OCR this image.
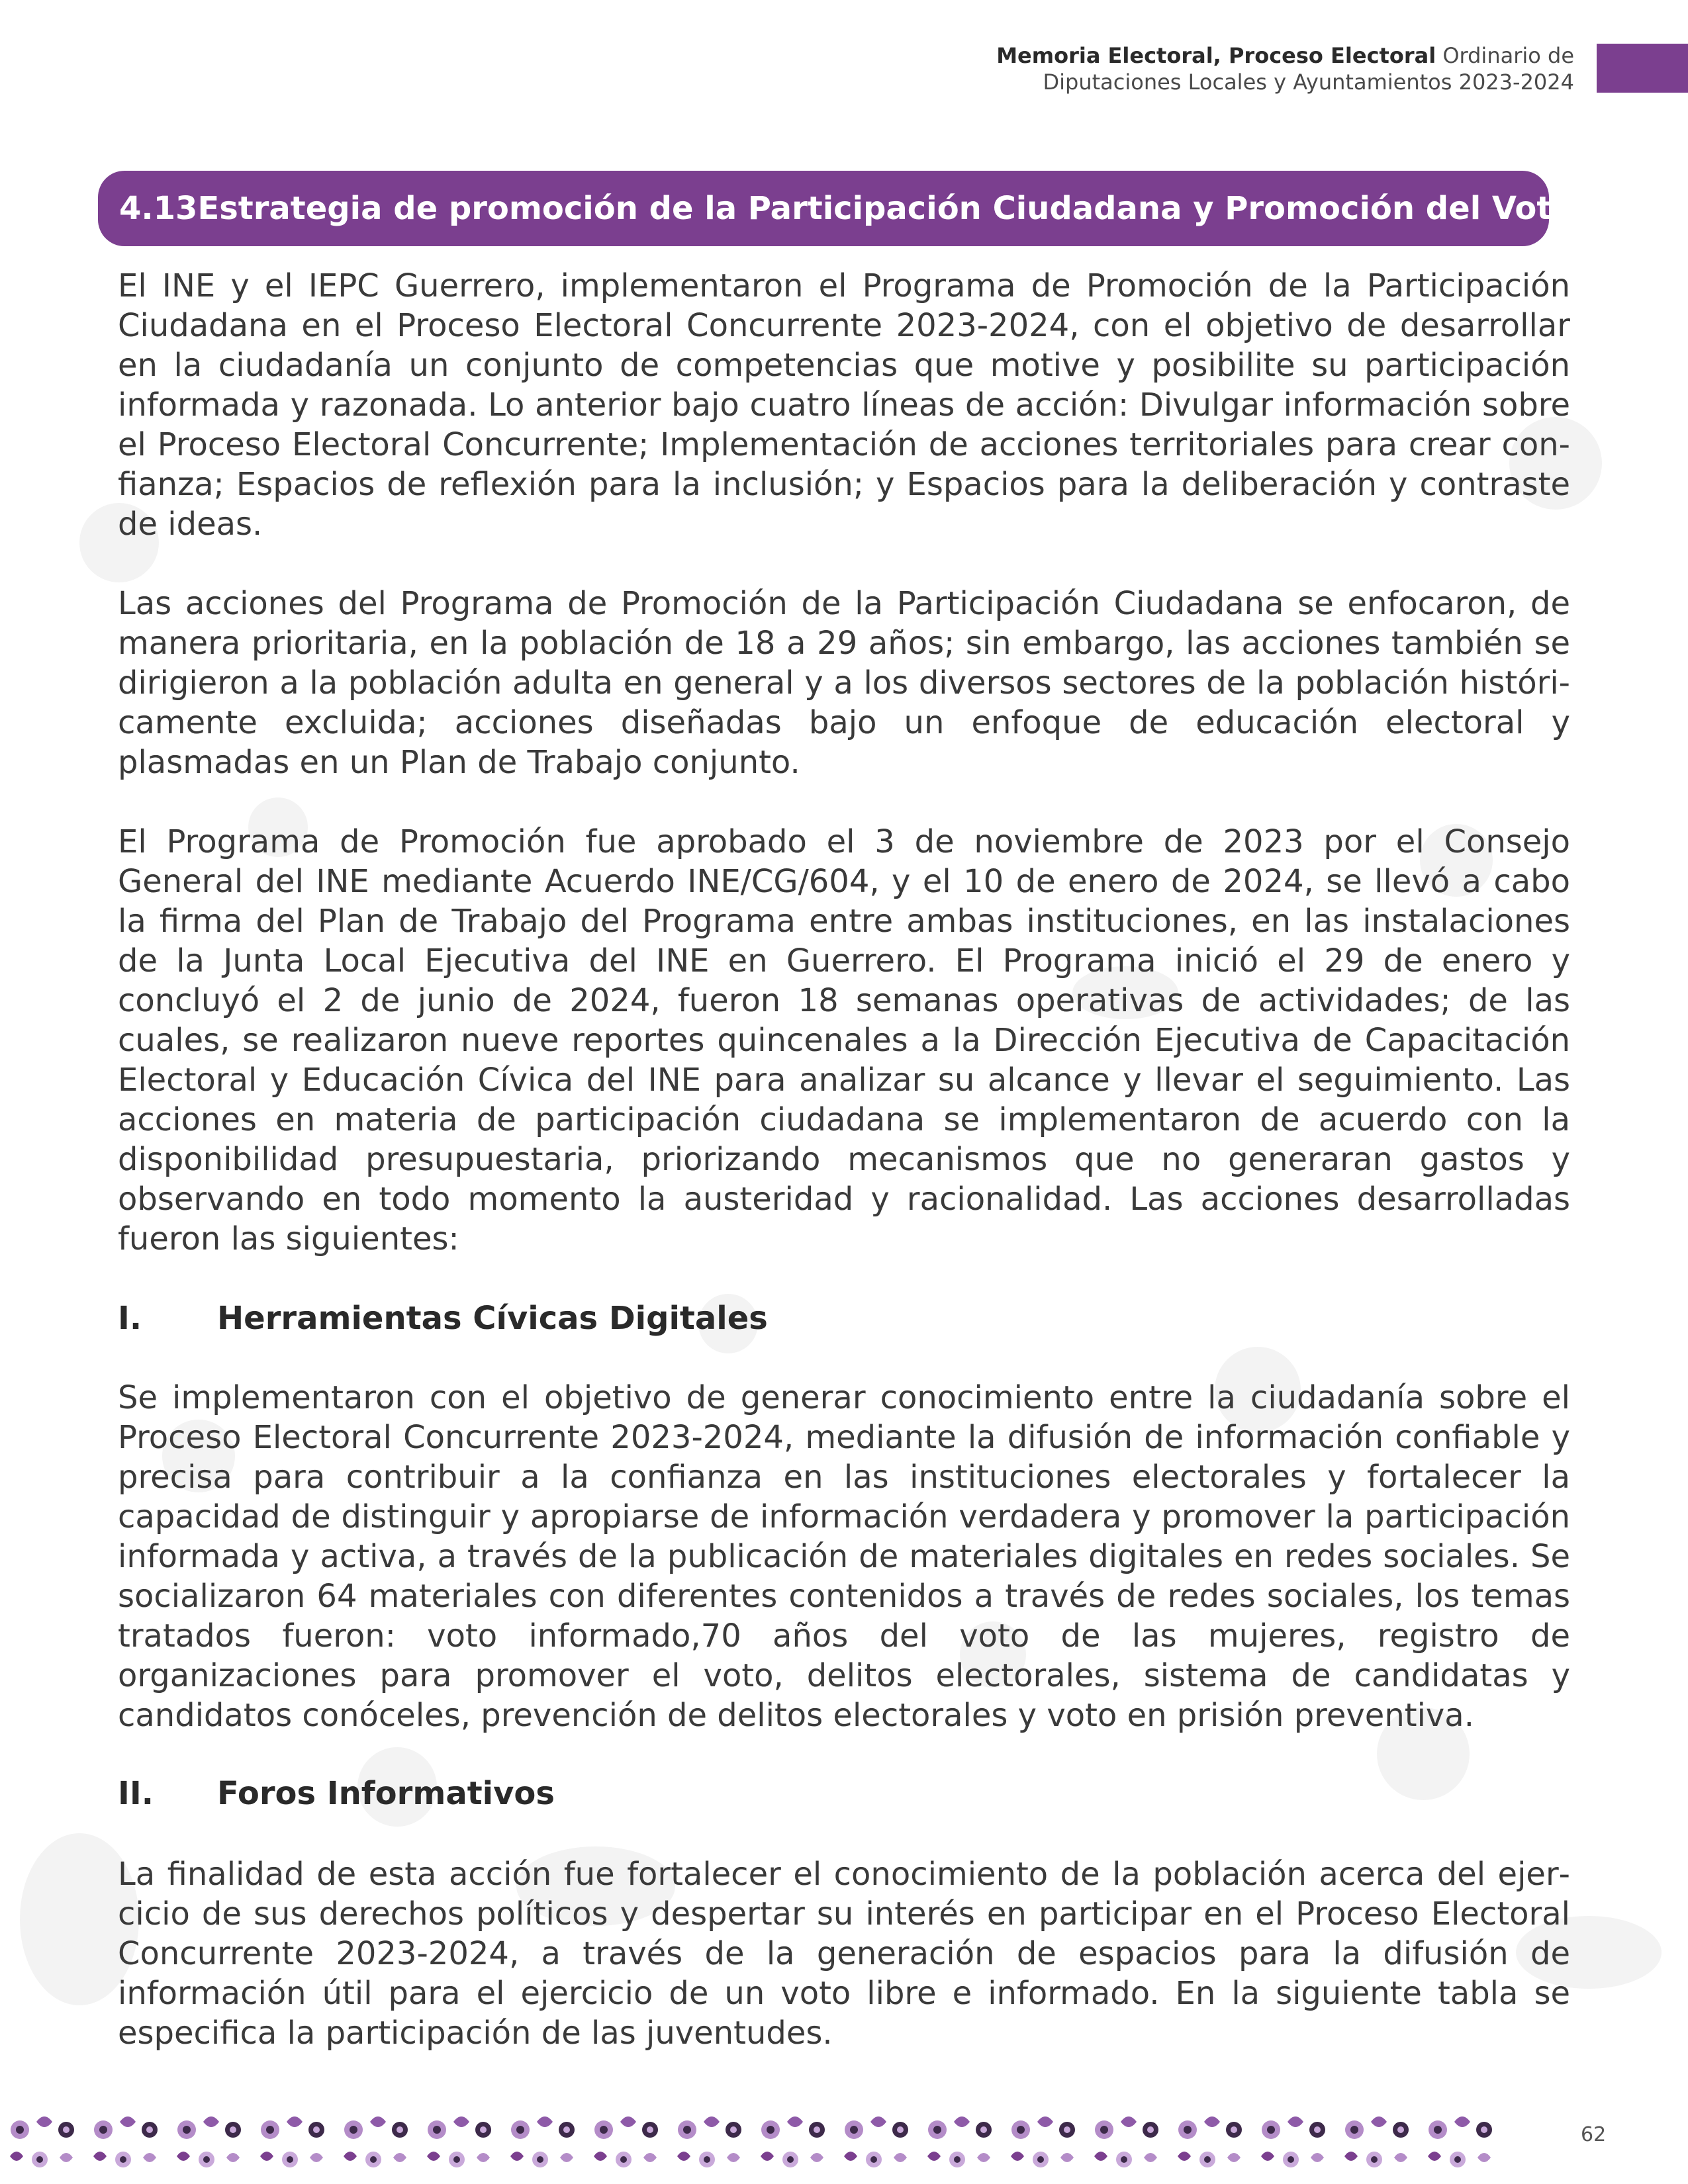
Memoria Electoral, Proceso Electoral Ordinario de
Diputaciones Locales y Ayuntamientos 2023-2024
4.13 Estrategia de promoción de la Participación Ciudadana y Promoción del Voto

El INE y el IEPC Guerrero, implementaron el Programa de Promoción de la Participación Ciudadana en el Proceso Electoral Concurrente 2023-2024, con el objetivo de desarrollar en la ciudadanía un conjunto de competencias que motive y posibilite su participación informada y razonada. Lo anterior bajo cuatro líneas de acción: Divulgar información sobre el Proceso Electoral Concurrente; Implementación de acciones territoriales para crear confianza; Espacios de reflexión para la inclusión; y Espacios para la deliberación y contraste de ideas.

Las acciones del Programa de Promoción de la Participación Ciudadana se enfocaron, de manera prioritaria, en la población de 18 a 29 años; sin embargo, las acciones también se dirigieron a la población adulta en general y a los diversos sectores de la población históricamente excluida; acciones diseñadas bajo un enfoque de educación electoral y plasmadas en un Plan de Trabajo conjunto.

El Programa de Promoción fue aprobado el 3 de noviembre de 2023 por el Consejo General del INE mediante Acuerdo INE/CG/604, y el 10 de enero de 2024, se llevó a cabo la firma del Plan de Trabajo del Programa entre ambas instituciones, en las instalaciones de la Junta Local Ejecutiva del INE en Guerrero. El Programa inició el 29 de enero y concluyó el 2 de junio de 2024, fueron 18 semanas operativas de actividades; de las cuales, se realizaron nueve reportes quincenales a la Dirección Ejecutiva de Capacitación Electoral y Educación Cívica del INE para analizar su alcance y llevar el seguimiento. Las acciones en materia de participación ciudadana se implementaron de acuerdo con la disponibilidad presupuestaria, priorizando mecanismos que no generaran gastos y observando en todo momento la austeridad y racionalidad. Las acciones desarrolladas fueron las siguientes:

I. Herramientas Cívicas Digitales

Se implementaron con el objetivo de generar conocimiento entre la ciudadanía sobre el Proceso Electoral Concurrente 2023-2024, mediante la difusión de información confiable y precisa para contribuir a la confianza en las instituciones electorales y fortalecer la capacidad de distinguir y apropiarse de información verdadera y promover la participación informada y activa, a través de la publicación de materiales digitales en redes sociales. Se socializaron 64 materiales con diferentes contenidos a través de redes sociales, los temas tratados fueron: voto informado,70 años del voto de las mujeres, registro de organizaciones para promover el voto, delitos electorales, sistema de candidatas y candidatos conóceles, prevención de delitos electorales y voto en prisión preventiva.

II. Foros Informativos

La finalidad de esta acción fue fortalecer el conocimiento de la población acerca del ejercicio de sus derechos políticos y despertar su interés en participar en el Proceso Electoral Concurrente 2023-2024, a través de la generación de espacios para la difusión de información útil para el ejercicio de un voto libre e informado. En la siguiente tabla se especifica la participación de las juventudes.

62
